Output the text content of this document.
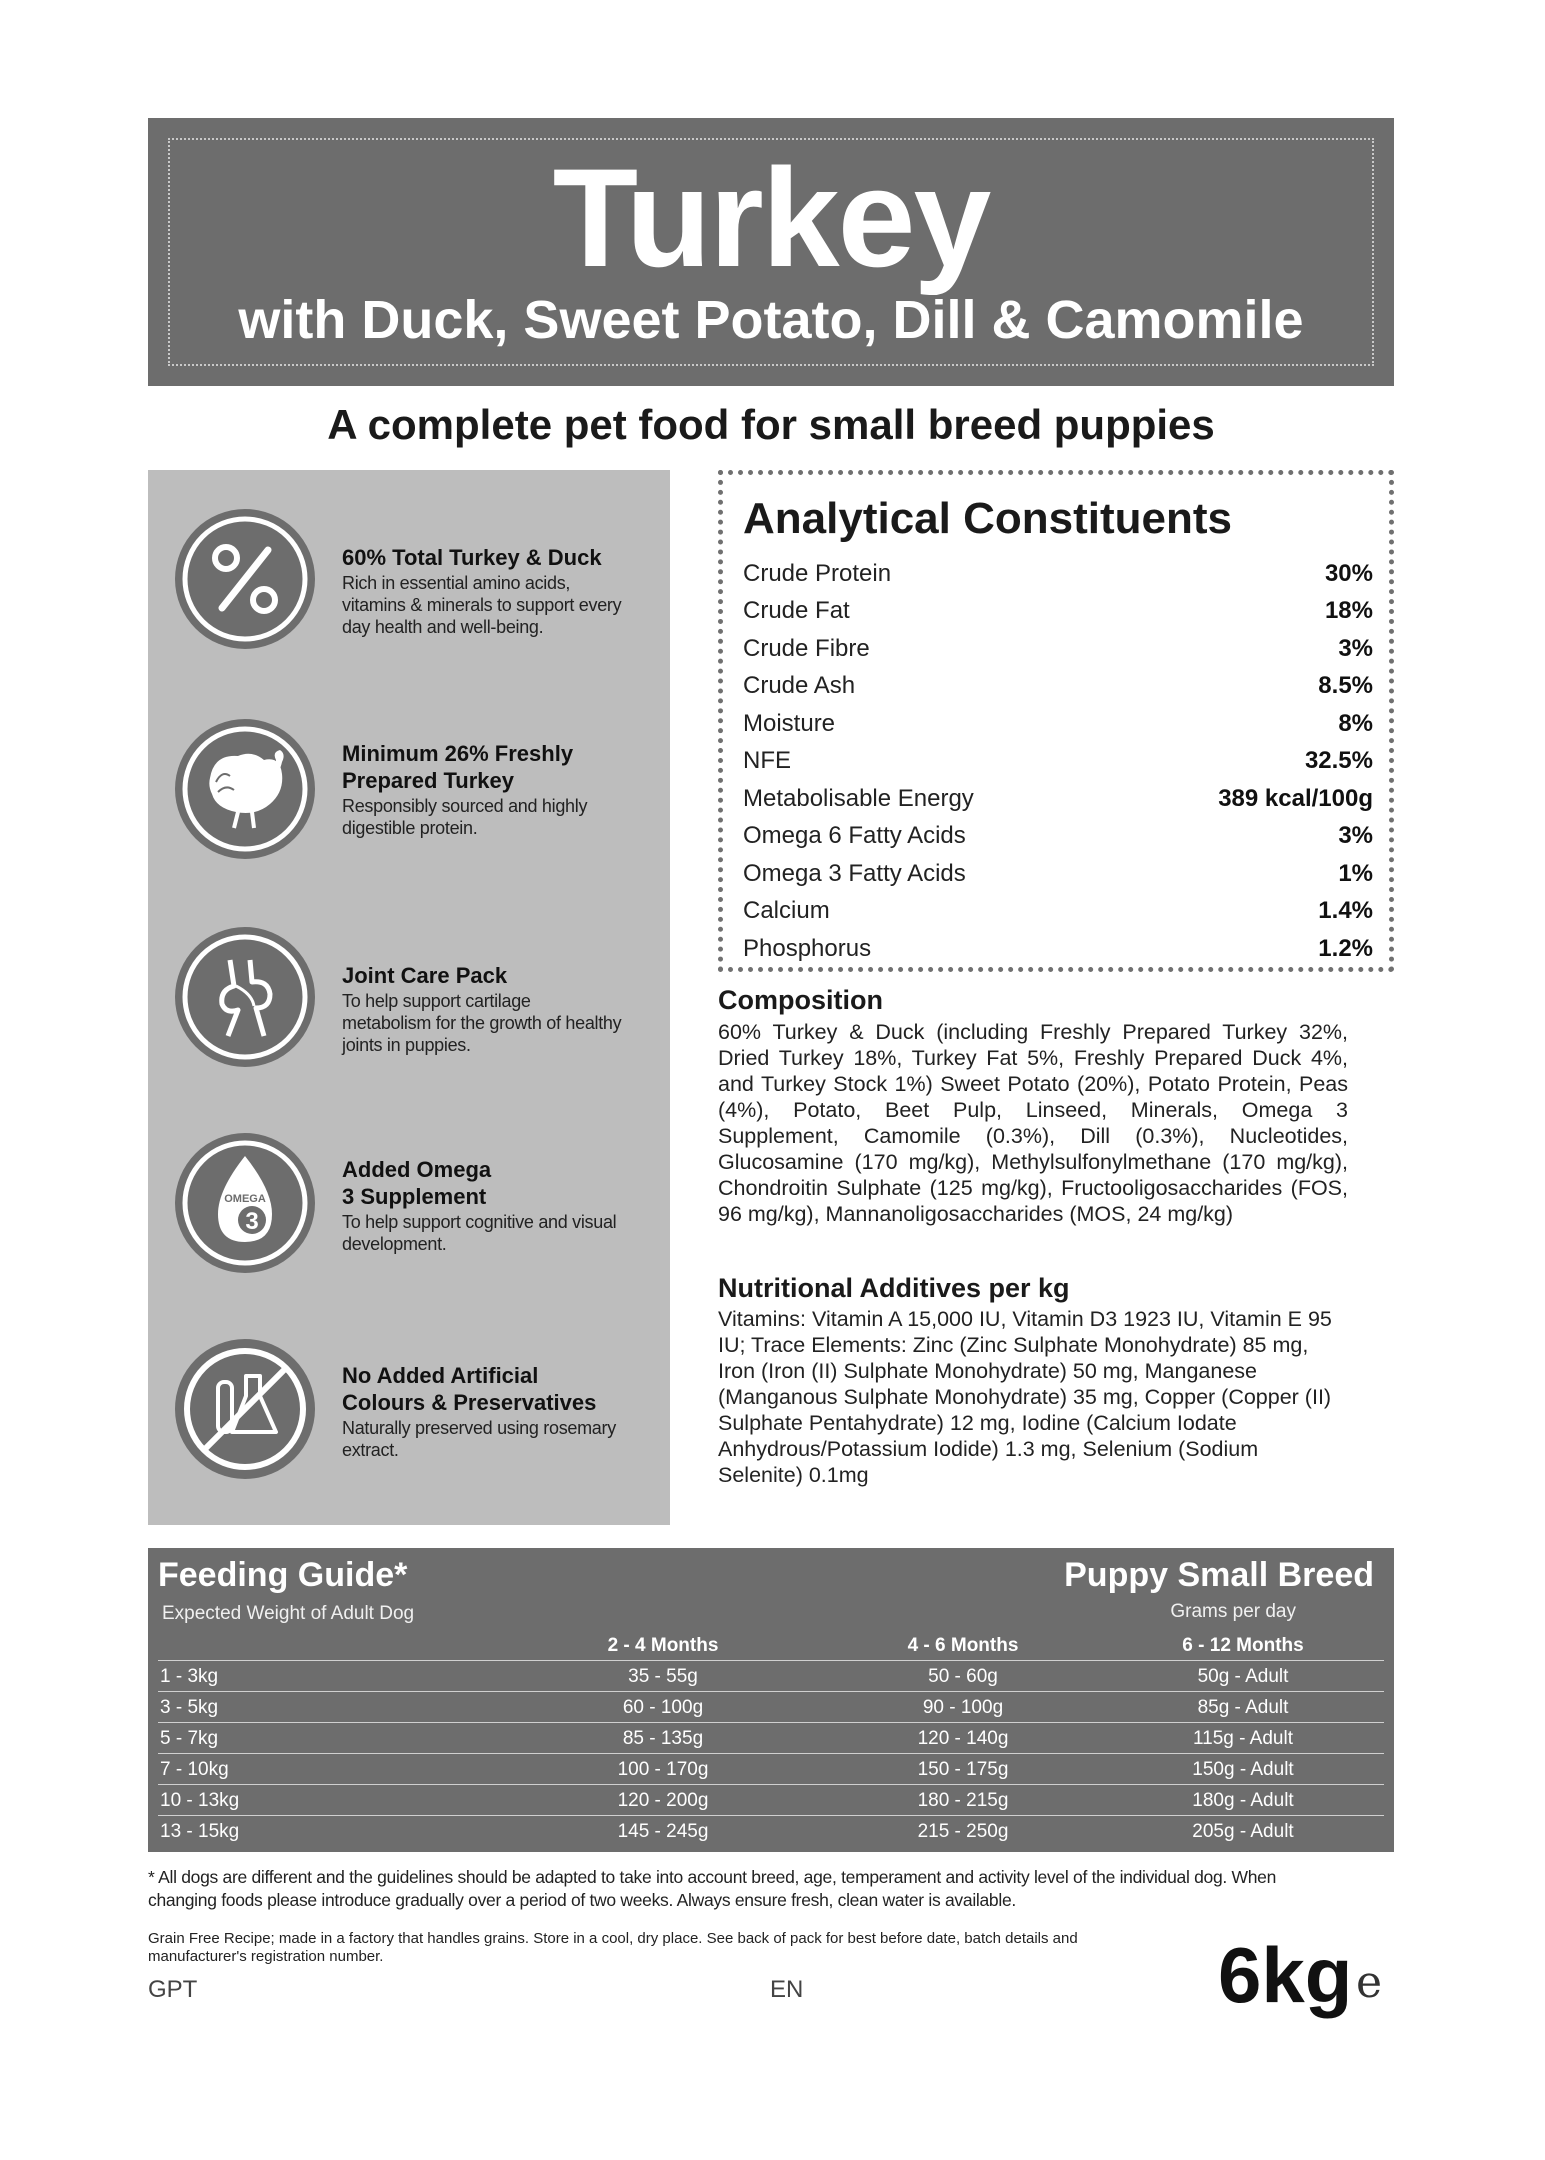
Turkey
with Duck, Sweet Potato, Dill & Camomile
A complete pet food for small breed puppies
60% Total Turkey & Duck
Rich in essential amino acids,
vitamins & minerals to support every
day health and well-being.
Minimum 26% Freshly
Prepared Turkey
Responsibly sourced and highly
digestible protein.
Joint Care Pack
To help support cartilage
metabolism for the growth of healthy
joints in puppies.
OMEGA
3
Added Omega
3 Supplement
To help support cognitive and visual
development.
No Added Artificial
Colours & Preservatives
Naturally preserved using rosemary
extract.
Analytical Constituents
Crude Protein	30%
Crude Fat	18%
Crude Fibre	3%
Crude Ash	8.5%
Moisture	8%
NFE	32.5%
Metabolisable Energy	389 kcal/100g
Omega 6 Fatty Acids	3%
Omega 3 Fatty Acids	1%
Calcium	1.4%
Phosphorus	1.2%
Composition
60% Turkey & Duck (including Freshly Prepared Turkey 32%, Dried Turkey 18%, Turkey Fat 5%, Freshly Prepared Duck 4%, and Turkey Stock 1%) Sweet Potato (20%), Potato Protein, Peas (4%), Potato, Beet Pulp, Linseed, Minerals, Omega 3 Supplement, Camomile (0.3%), Dill (0.3%), Nucleotides, Glucosamine (170 mg/kg), Methylsulfonylmethane (170 mg/kg), Chondroitin Sulphate (125 mg/kg), Fructooligosaccharides (FOS, 96 mg/kg), Mannanoligosaccharides (MOS, 24 mg/kg)
Nutritional Additives per kg
Vitamins: Vitamin A 15,000 IU, Vitamin D3 1923 IU, Vitamin E 95 IU; Trace Elements: Zinc (Zinc Sulphate Monohydrate) 85 mg, Iron (Iron (II) Sulphate Monohydrate) 50 mg, Manganese (Manganous Sulphate Monohydrate) 35 mg, Copper (Copper (II) Sulphate Pentahydrate) 12 mg, Iodine (Calcium Iodate Anhydrous/Potassium Iodide) 1.3 mg, Selenium (Sodium Selenite) 0.1mg
Feeding Guide*
Expected Weight of Adult Dog
Puppy Small Breed
Grams per day
2 - 4 Months	4 - 6 Months	6 - 12 Months
1 - 3kg	35 - 55g	50 - 60g	50g - Adult
3 - 5kg	60 - 100g	90 - 100g	85g - Adult
5 - 7kg	85 - 135g	120 - 140g	115g - Adult
7 - 10kg	100 - 170g	150 - 175g	150g - Adult
10 - 13kg	120 - 200g	180 - 215g	180g - Adult
13 - 15kg	145 - 245g	215 - 250g	205g - Adult
* All dogs are different and the guidelines should be adapted to take into account breed, age, temperament and activity level of the individual dog. When
changing foods please introduce gradually over a period of two weeks. Always ensure fresh, clean water is available.
Grain Free Recipe; made in a factory that handles grains. Store in a cool, dry place. See back of pack for best before date, batch details and
manufacturer's registration number.
GPT	EN	6kg e
